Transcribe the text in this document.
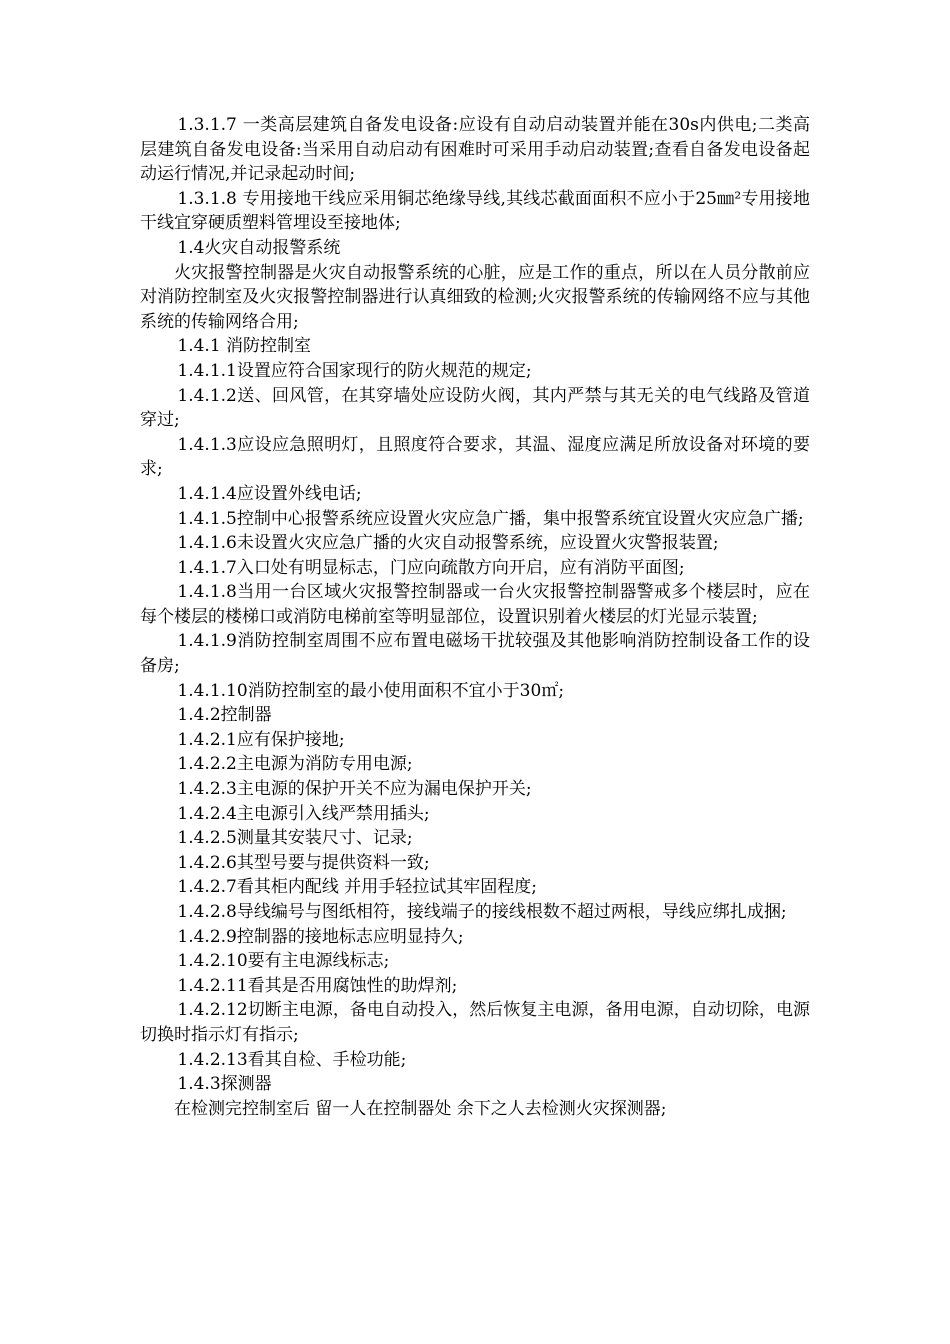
1.3.1.7 一类高层建筑自备发电设备:应设有自动启动装置并能在30s内供电;二类高层建筑自备发电设备:当采用自动启动有困难时可采用手动启动装置;查看自备发电设备起动运行情况,并记录起动时间;

1.3.1.8 专用接地干线应采用铜芯绝缘导线,其线芯截面面积不应小于25㎜²专用接地干线宜穿硬质塑料管埋设至接地体;

1.4火灾自动报警系统

火灾报警控制器是火灾自动报警系统的心脏，应是工作的重点，所以在人员分散前应对消防控制室及火灾报警控制器进行认真细致的检测;火灾报警系统的传输网络不应与其他系统的传输网络合用;

1.4.1 消防控制室

1.4.1.1设置应符合国家现行的防火规范的规定;

1.4.1.2送、回风管，在其穿墙处应设防火阀，其内严禁与其无关的电气线路及管道穿过;

1.4.1.3应设应急照明灯，且照度符合要求，其温、湿度应满足所放设备对环境的要求;

1.4.1.4应设置外线电话;

1.4.1.5控制中心报警系统应设置火灾应急广播，集中报警系统宜设置火灾应急广播;

1.4.1.6未设置火灾应急广播的火灾自动报警系统，应设置火灾警报装置;

1.4.1.7入口处有明显标志，门应向疏散方向开启，应有消防平面图;

1.4.1.8当用一台区域火灾报警控制器或一台火灾报警控制器警戒多个楼层时，应在每个楼层的楼梯口或消防电梯前室等明显部位，设置识别着火楼层的灯光显示装置;

1.4.1.9消防控制室周围不应布置电磁场干扰较强及其他影响消防控制设备工作的设备房;

1.4.1.10消防控制室的最小使用面积不宜小于30㎡;

1.4.2控制器

1.4.2.1应有保护接地;

1.4.2.2主电源为消防专用电源;

1.4.2.3主电源的保护开关不应为漏电保护开关;

1.4.2.4主电源引入线严禁用插头;

1.4.2.5测量其安装尺寸、记录;

1.4.2.6其型号要与提供资料一致;

1.4.2.7看其柜内配线 并用手轻拉试其牢固程度;

1.4.2.8导线编号与图纸相符，接线端子的接线根数不超过两根，导线应绑扎成捆;

1.4.2.9控制器的接地标志应明显持久;

1.4.2.10要有主电源线标志;

1.4.2.11看其是否用腐蚀性的助焊剂;

1.4.2.12切断主电源，备电自动投入，然后恢复主电源，备用电源，自动切除，电源切换时指示灯有指示;

1.4.2.13看其自检、手检功能;

1.4.3探测器

在检测完控制室后 留一人在控制器处 余下之人去检测火灾探测器;
